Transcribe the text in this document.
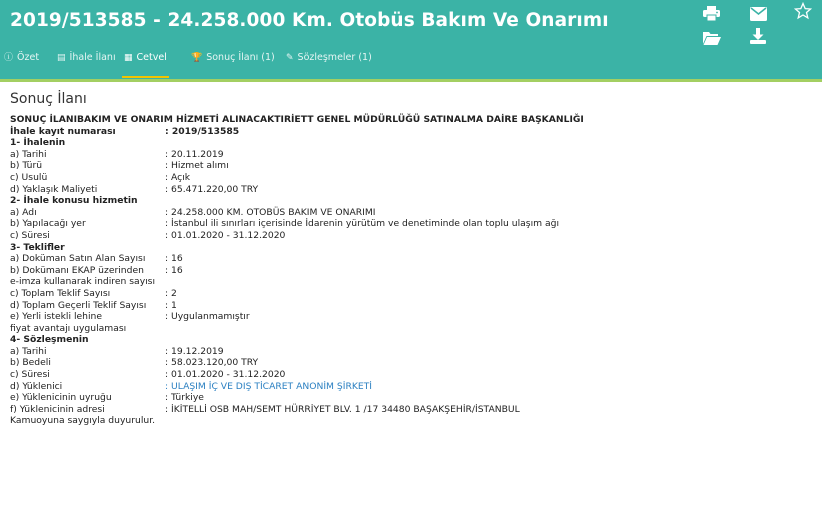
2019/513585 - 24.258.000 Km. Otobüs Bakım Ve Onarımı
ⓘ Özet ▤ İhale İlanı ▦ Cetvel	🏆 Sonuç İlanı (1) ✎ Sözleşmeler (1)
Sonuç İlanı
SONUÇ İLANIBAKIM VE ONARIM HİZMETİ ALINACAKTIRİETT GENEL MÜDÜRLÜĞÜ SATINALMA DAİRE BAŞKANLIĞI
İhale kayıt numarası	: 2019/513585
1- İhalenin
a) Tarihi	: 20.11.2019
b) Türü	: Hizmet alımı
c) Usulü	: Açık
d) Yaklaşık Maliyeti	: 65.471.220,00 TRY
2- İhale konusu hizmetin
a) Adı	: 24.258.000 KM. OTOBÜS BAKIM VE ONARIMI
b) Yapılacağı yer	: İstanbul ili sınırları içerisinde İdarenin yürütüm ve denetiminde olan toplu ulaşım ağı
c) Süresi	: 01.01.2020 - 31.12.2020
3- Teklifler
a) Doküman Satın Alan Sayısı : 16
b) Dokümanı EKAP üzerinden : 16
e-imza kullanarak indiren sayısı
c) Toplam Teklif Sayısı	: 2
d) Toplam Geçerli Teklif Sayısı : 1
e) Yerli istekli lehine	: Uygulanmamıştır
fiyat avantajı uygulaması
4- Sözleşmenin
a) Tarihi	: 19.12.2019
b) Bedeli	: 58.023.120,00 TRY
c) Süresi	: 01.01.2020 - 31.12.2020
d) Yüklenici	: ULAŞIM İÇ VE DIŞ TİCARET ANONİM ŞİRKETİ
e) Yüklenicinin uyruğu	: Türkiye
f) Yüklenicinin adresi	: İKİTELLİ OSB MAH/SEMT HÜRRİYET BLV. 1 /17 34480 BAŞAKŞEHİR/İSTANBUL
Kamuoyuna saygıyla duyurulur.
